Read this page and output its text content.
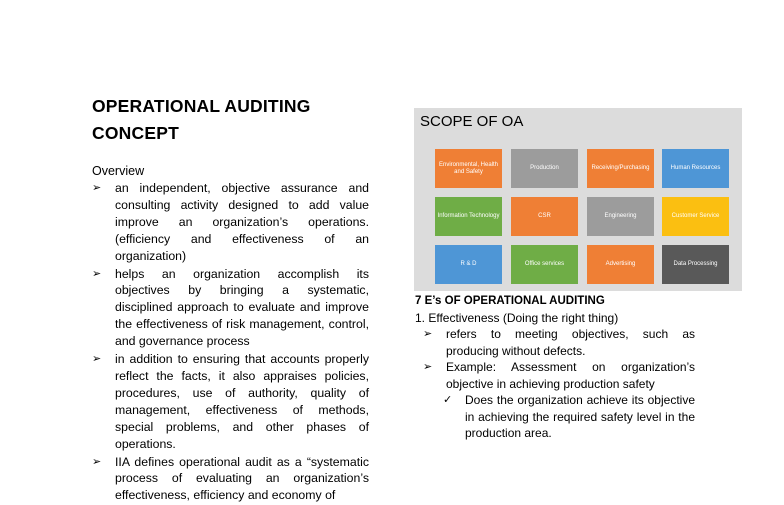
OPERATIONAL AUDITING CONCEPT
Overview
➢ an independent, objective assurance and consulting activity designed to add value improve an organization’s operations. (efficiency and effectiveness of an organization)
➢ helps an organization accomplish its objectives by bringing a systematic, disciplined approach to evaluate and improve the effectiveness of risk management, control, and governance process
➢ in addition to ensuring that accounts properly reflect the facts, it also appraises policies, procedures, use of authority, quality of management, effectiveness of methods, special problems, and other phases of operations.
➢ IIA defines operational audit as a “systematic process of evaluating an organization’s effectiveness, efficiency and economy of
SCOPE OF OA
Environmental, Health and Safety
Production	Receiving/Purchasing	Human Resources
Information Technology	CSR	Engineering	Customer Service
R & D	Office services	Advertising	Data Processing
7 E’s OF OPERATIONAL AUDITING
1. Effectiveness (Doing the right thing)
➢ refers to meeting objectives, such as producing without defects.
➢ Example: Assessment on organization’s objective in achieving production safety
✓ Does the organization achieve its objective in achieving the required safety level in the production area.
